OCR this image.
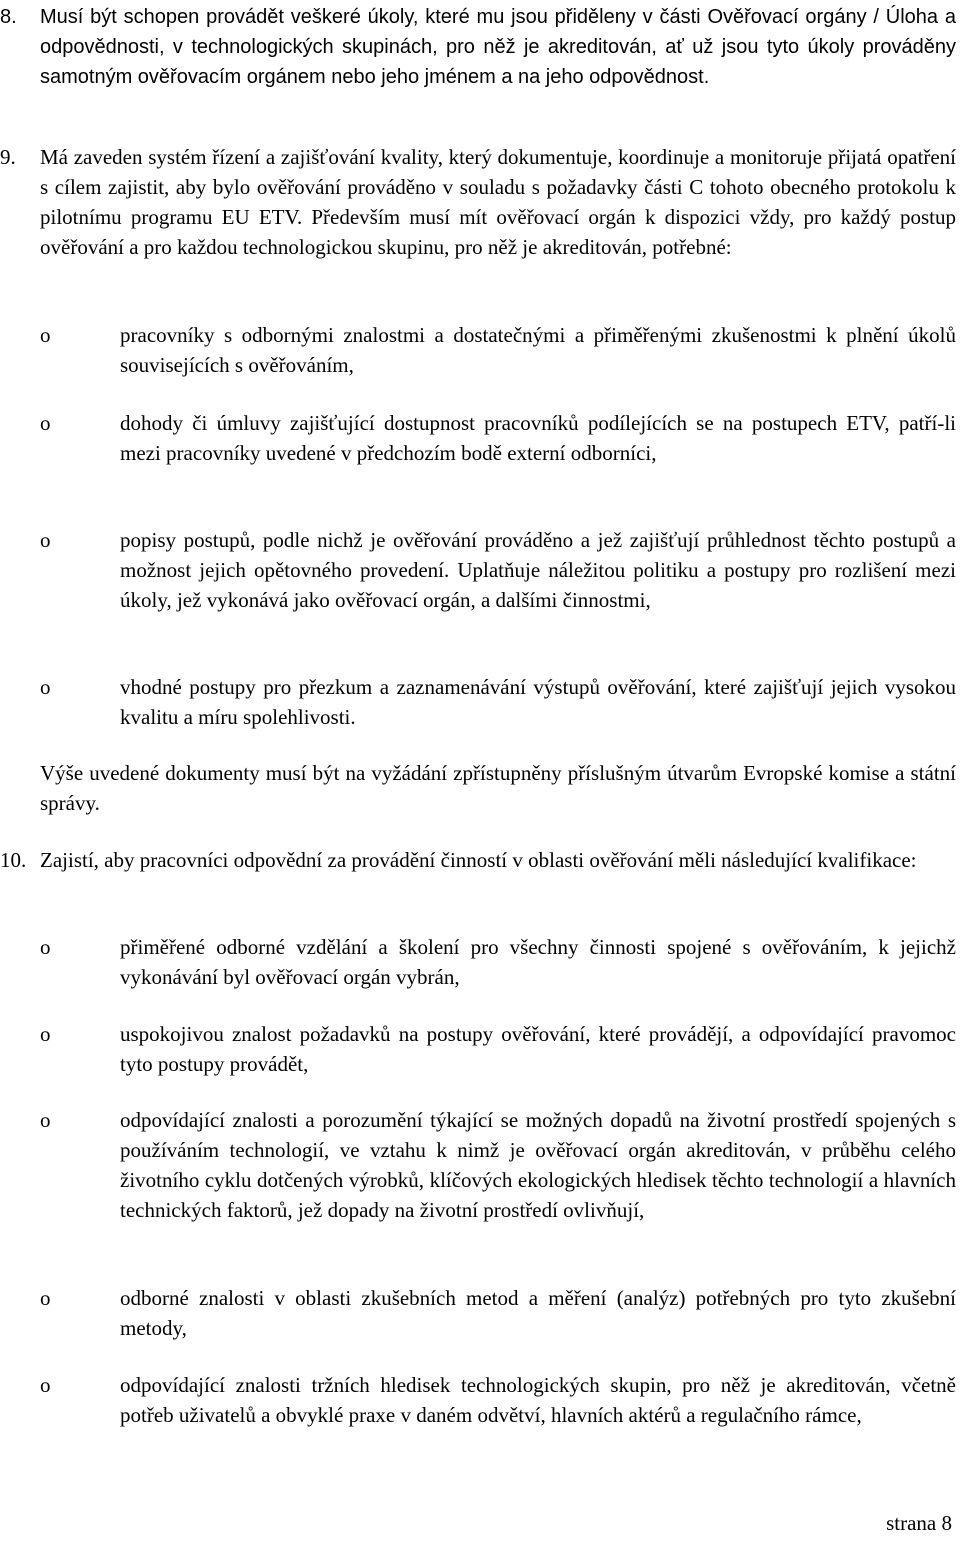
8. Musí být schopen provádět veškeré úkoly, které mu jsou přiděleny v části Ověřovací orgány / Úloha a odpovědnosti, v technologických skupinách, pro něž je akreditován, ať už jsou tyto úkoly prováděny samotným ověřovacím orgánem nebo jeho jménem a na jeho odpovědnost.
9. Má zaveden systém řízení a zajišťování kvality, který dokumentuje, koordinuje a monitoruje přijatá opatření s cílem zajistit, aby bylo ověřování prováděno v souladu s požadavky části C tohoto obecného protokolu k pilotnímu programu EU ETV. Především musí mít ověřovací orgán k dispozici vždy, pro každý postup ověřování a pro každou technologickou skupinu, pro něž je akreditován, potřebné:
o	pracovníky s odbornými znalostmi a dostatečnými a přiměřenými zkušenostmi k plnění úkolů souvisejících s ověřováním,
o	dohody či úmluvy zajišťující dostupnost pracovníků podílejících se na postupech ETV, patří-li mezi pracovníky uvedené v předchozím bodě externí odborníci,
o	popisy postupů, podle nichž je ověřování prováděno a jež zajišťují průhlednost těchto postupů a možnost jejich opětovného provedení. Uplatňuje náležitou politiku a postupy pro rozlišení mezi úkoly, jež vykonává jako ověřovací orgán, a dalšími činnostmi,
o	vhodné postupy pro přezkum a zaznamenávání výstupů ověřování, které zajišťují jejich vysokou kvalitu a míru spolehlivosti.
Výše uvedené dokumenty musí být na vyžádání zpřístupněny příslušným útvarům Evropské komise a státní správy.
10. Zajistí, aby pracovníci odpovědní za provádění činností v oblasti ověřování měli následující kvalifikace:
o	přiměřené odborné vzdělání a školení pro všechny činnosti spojené s ověřováním, k jejichž vykonávání byl ověřovací orgán vybrán,
o	uspokojivou znalost požadavků na postupy ověřování, které provádějí, a odpovídající pravomoc tyto postupy provádět,
o	odpovídající znalosti a porozumění týkající se možných dopadů na životní prostředí spojených s používáním technologií, ve vztahu k nimž je ověřovací orgán akreditován, v průběhu celého životního cyklu dotčených výrobků, klíčových ekologických hledisek těchto technologií a hlavních technických faktorů, jež dopady na životní prostředí ovlivňují,
o	odborné znalosti v oblasti zkušebních metod a měření (analýz) potřebných pro tyto zkušební metody,
o	odpovídající znalosti tržních hledisek technologických skupin, pro něž je akreditován, včetně potřeb uživatelů a obvyklé praxe v daném odvětví, hlavních aktérů a regulačního rámce,
strana 8
